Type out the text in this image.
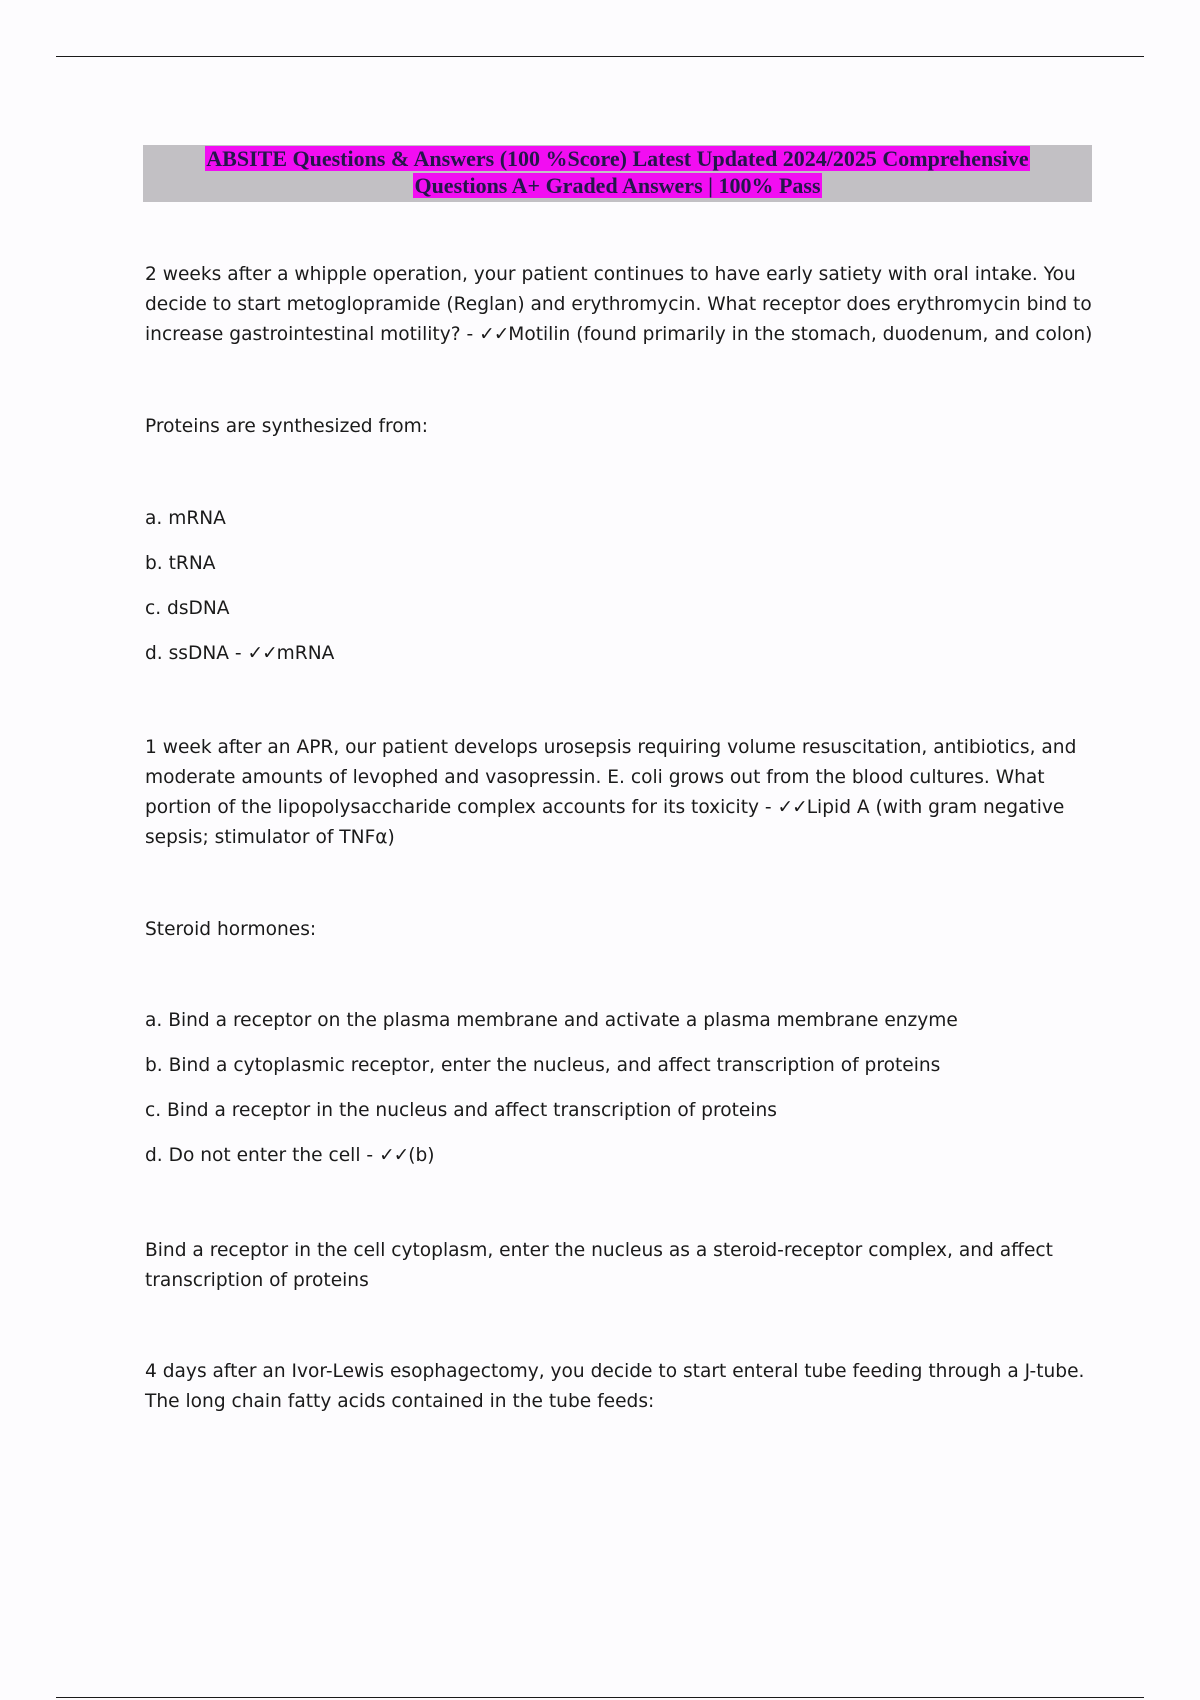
ABSITE Questions & Answers (100 %Score) Latest Updated 2024/2025 Comprehensive
Questions A+ Graded Answers | 100% Pass

2 weeks after a whipple operation, your patient continues to have early satiety with oral intake. You

decide to start metoglopramide (Reglan) and erythromycin. What receptor does erythromycin bind to

increase gastrointestinal motility? - ✓✓Motilin (found primarily in the stomach, duodenum, and colon)

Proteins are synthesized from:

a. mRNA

b. tRNA

c. dsDNA

d. ssDNA - ✓✓mRNA

1 week after an APR, our patient develops urosepsis requiring volume resuscitation, antibiotics, and

moderate amounts of levophed and vasopressin. E. coli grows out from the blood cultures. What

portion of the lipopolysaccharide complex accounts for its toxicity - ✓✓Lipid A (with gram negative

sepsis; stimulator of TNFα)

Steroid hormones:

a. Bind a receptor on the plasma membrane and activate a plasma membrane enzyme

b. Bind a cytoplasmic receptor, enter the nucleus, and affect transcription of proteins

c. Bind a receptor in the nucleus and affect transcription of proteins

d. Do not enter the cell - ✓✓(b)

Bind a receptor in the cell cytoplasm, enter the nucleus as a steroid-receptor complex, and affect

transcription of proteins

4 days after an Ivor-Lewis esophagectomy, you decide to start enteral tube feeding through a J-tube.

The long chain fatty acids contained in the tube feeds:
